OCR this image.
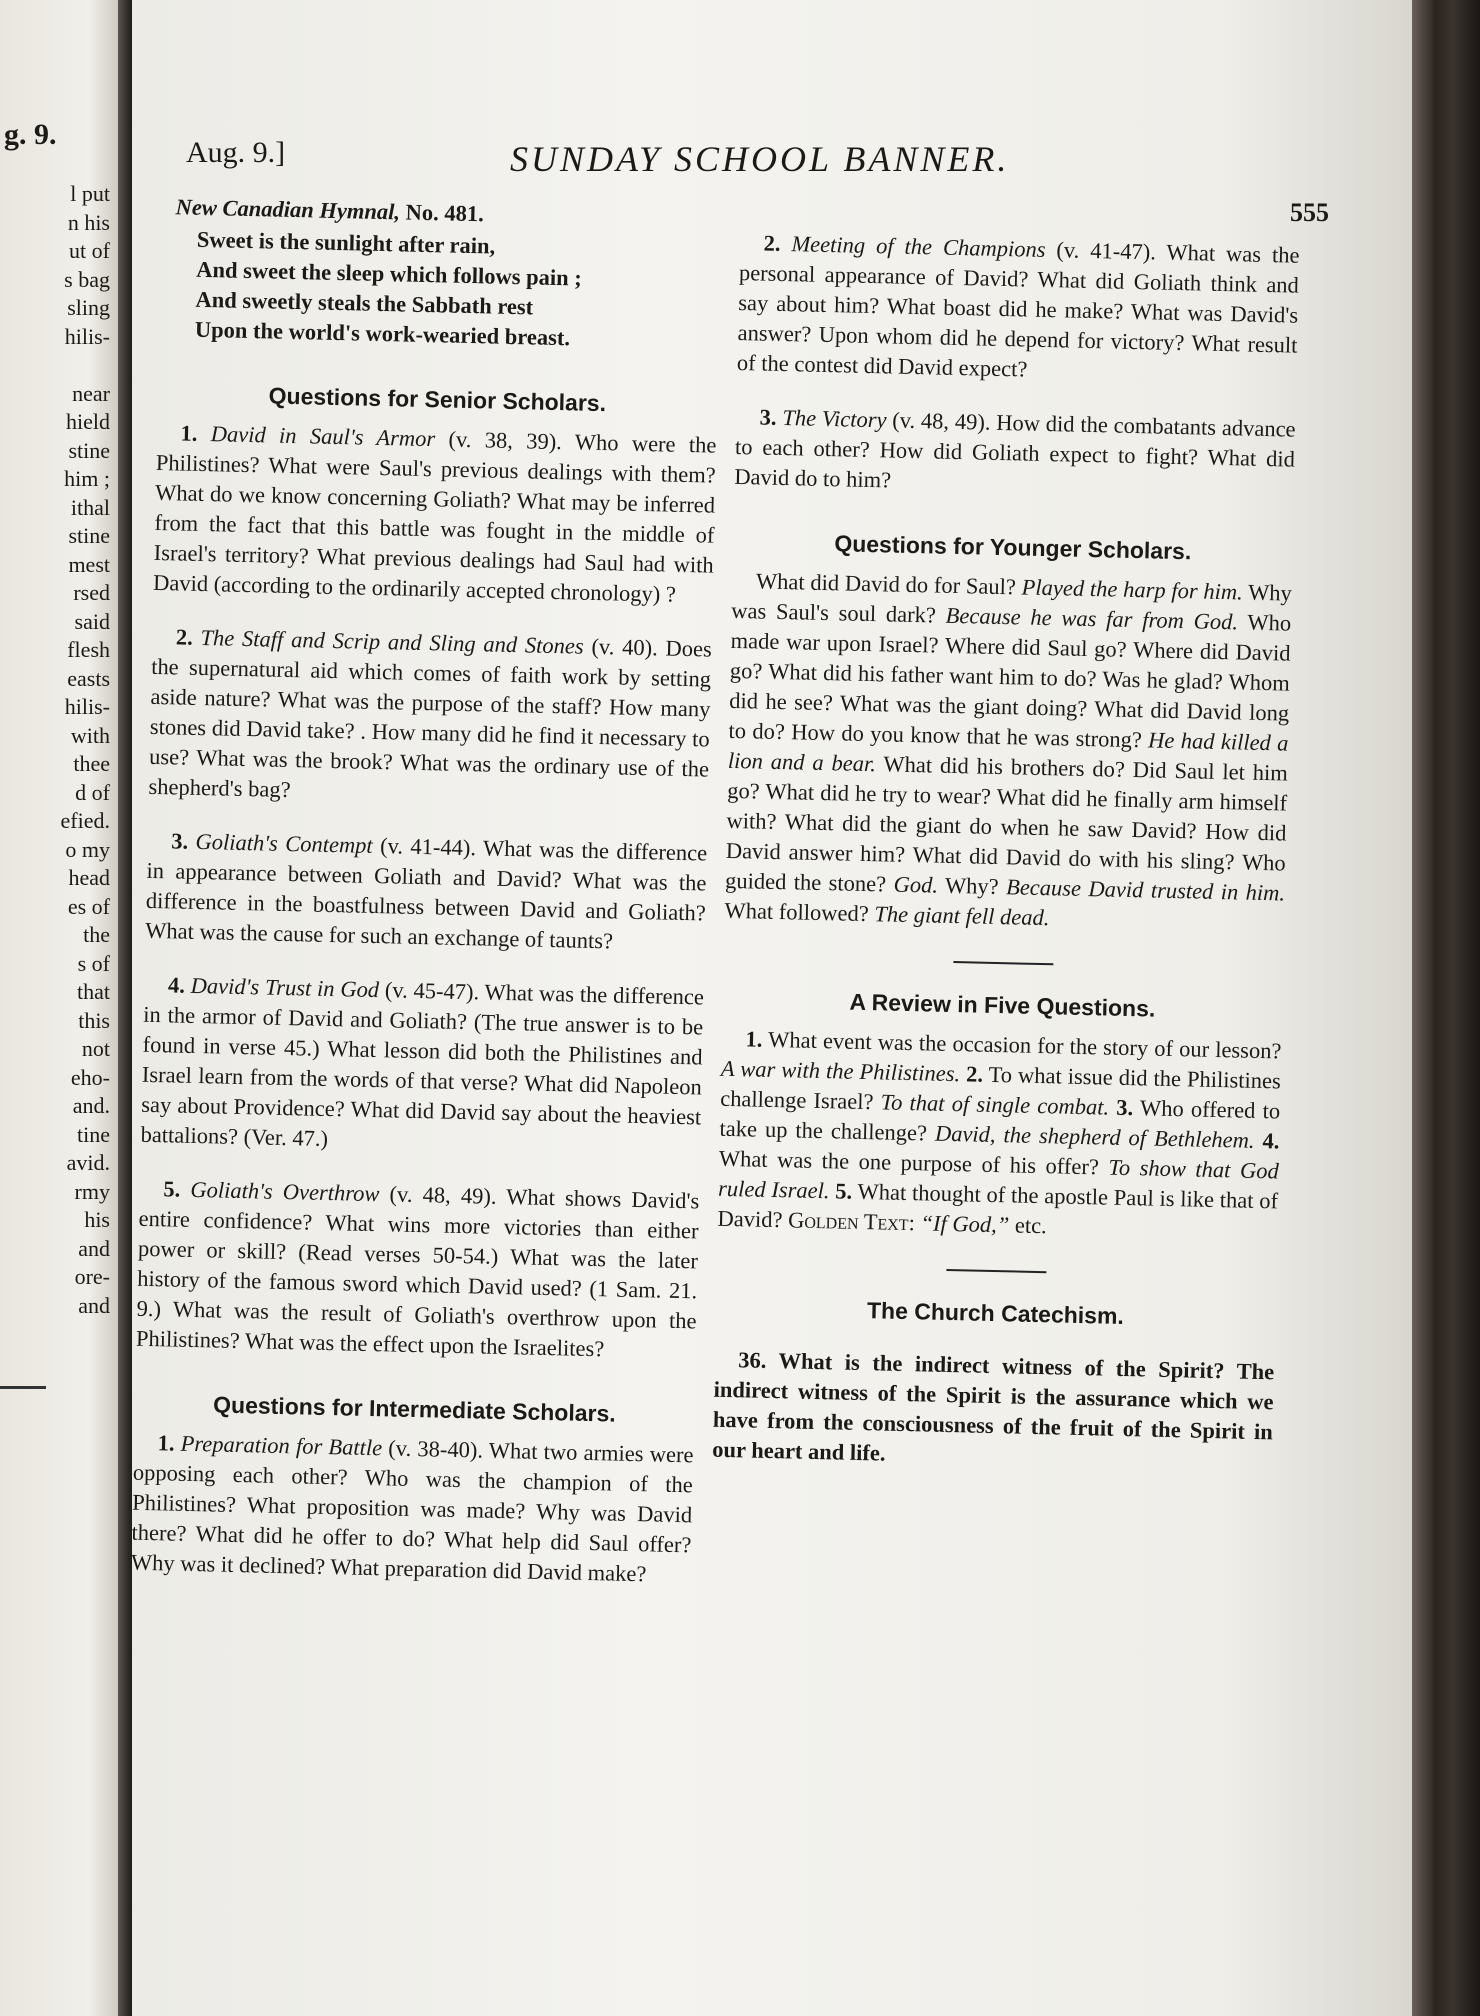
g. 9.
l put
n his
ut of
s bag
sling
hilis-
near
hield
stine
him ;
ithal
stine
mest
rsed
said
flesh
easts
hilis-
with
thee
d of
efied.
o my
head
es of
the
s of
that
this
not
eho-
and.
tine
avid.
rmy
his
and
ore-
and
Aug. 9.]	SUNDAY SCHOOL BANNER.
555
New Canadian Hymnal, No. 481.
Sweet is the sunlight after rain,
And sweet the sleep which follows pain ;
And sweetly steals the Sabbath rest
Upon the world's work-wearied breast.
Questions for Senior Scholars.

1. David in Saul's Armor (v. 38, 39). Who were the Philistines? What were Saul's previous dealings with them? What do we know concerning Goliath? What may be inferred from the fact that this battle was fought in the middle of Israel's territory? What previous dealings had Saul had with David (according to the ordinarily accepted chronology) ?

2. The Staff and Scrip and Sling and Stones (v. 40). Does the supernatural aid which comes of faith work by setting aside nature? What was the purpose of the staff? How many stones did David take? . How many did he find it necessary to use? What was the brook? What was the ordinary use of the shepherd's bag?

3. Goliath's Contempt (v. 41-44). What was the difference in appearance between Goliath and David? What was the difference in the boastfulness between David and Goliath? What was the cause for such an exchange of taunts?

4. David's Trust in God (v. 45-47). What was the difference in the armor of David and Goliath? (The true answer is to be found in verse 45.) What lesson did both the Philistines and Israel learn from the words of that verse? What did Napoleon say about Providence? What did David say about the heaviest battalions? (Ver. 47.)

5. Goliath's Overthrow (v. 48, 49). What shows David's entire confidence? What wins more victories than either power or skill? (Read verses 50-54.) What was the later history of the famous sword which David used? (1 Sam. 21. 9.) What was the result of Goliath's overthrow upon the Philistines? What was the effect upon the Israelites?

Questions for Intermediate Scholars.

1. Preparation for Battle (v. 38-40). What two armies were opposing each other? Who was the champion of the Philistines? What proposition was made? Why was David there? What did he offer to do? What help did Saul offer? Why was it declined? What preparation did David make?

2. Meeting of the Champions (v. 41-47). What was the personal appearance of David? What did Goliath think and say about him? What boast did he make? What was David's answer? Upon whom did he depend for victory? What result of the contest did David expect?

3. The Victory (v. 48, 49). How did the combatants advance to each other? How did Goliath expect to fight? What did David do to him?

Questions for Younger Scholars.

What did David do for Saul? Played the harp for him. Why was Saul's soul dark? Because he was far from God. Who made war upon Israel? Where did Saul go? Where did David go? What did his father want him to do? Was he glad? Whom did he see? What was the giant doing? What did David long to do? How do you know that he was strong? He had killed a lion and a bear. What did his brothers do? Did Saul let him go? What did he try to wear? What did he finally arm himself with? What did the giant do when he saw David? How did David answer him? What did David do with his sling? Who guided the stone? God. Why? Because David trusted in him. What followed? The giant fell dead.

A Review in Five Questions.

1. What event was the occasion for the story of our lesson? A war with the Philistines. 2. To what issue did the Philistines challenge Israel? To that of single combat. 3. Who offered to take up the challenge? David, the shepherd of Bethlehem. 4. What was the one purpose of his offer? To show that God ruled Israel. 5. What thought of the apostle Paul is like that of David? Golden Text: “If God,” etc.

The Church Catechism.

36. What is the indirect witness of the Spirit? The indirect witness of the Spirit is the assurance which we have from the consciousness of the fruit of the Spirit in our heart and life.
